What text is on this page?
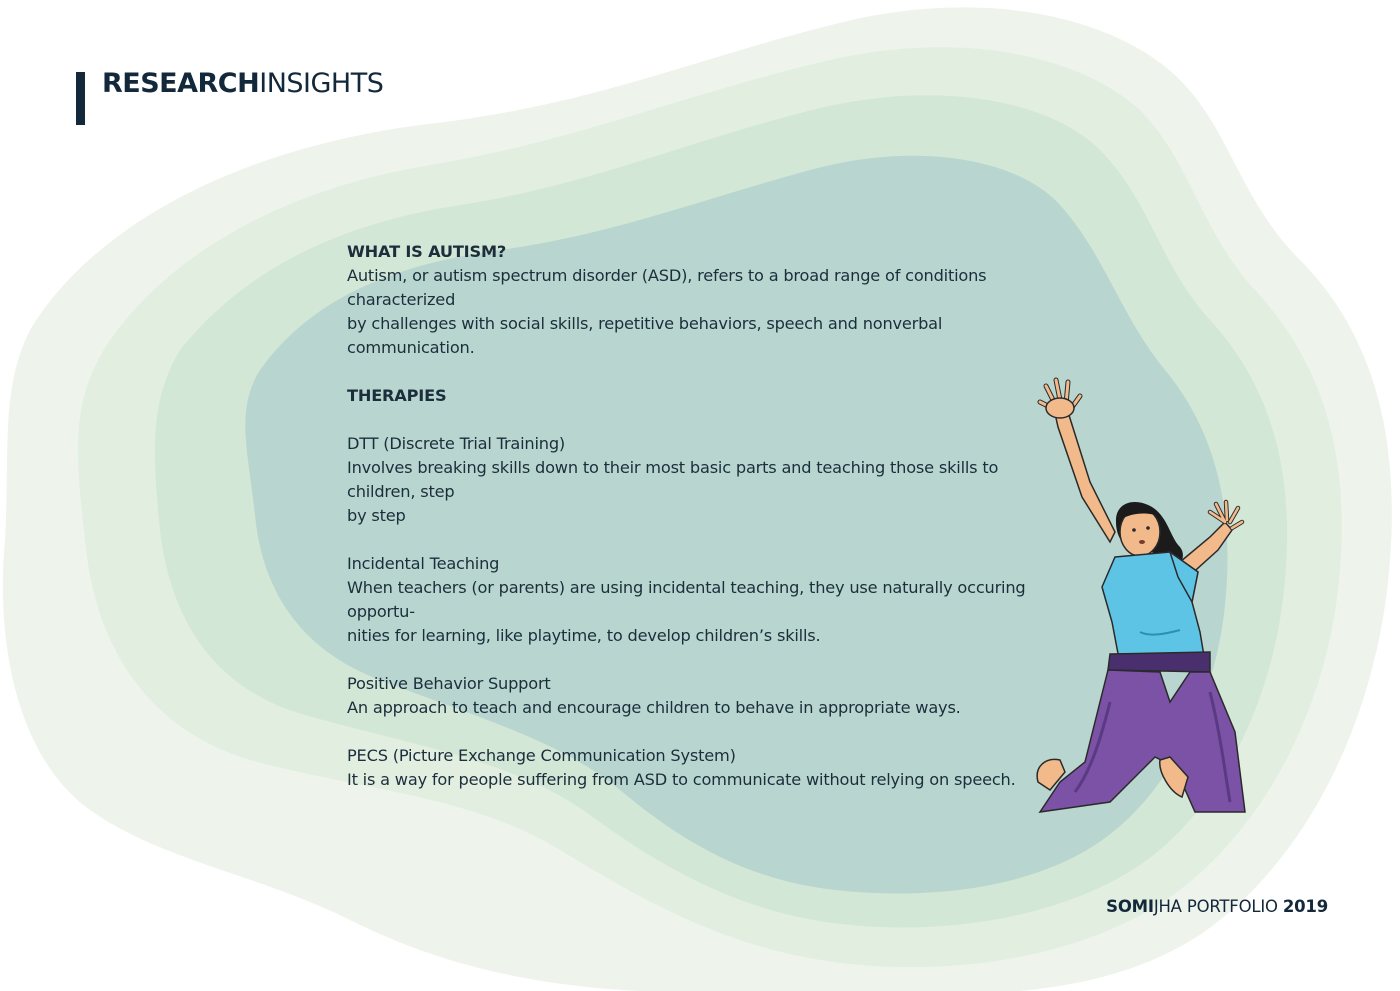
RESEARCHINSIGHTS

WHAT IS AUTISM?

Autism, or autism spectrum disorder (ASD), refers to a broad range of conditions characterized

by challenges with social skills, repetitive behaviors, speech and nonverbal communication.

THERAPIES

DTT (Discrete Trial Training)

Involves breaking skills down to their most basic parts and teaching those skills to children, step

by step

Incidental Teaching

When teachers (or parents) are using incidental teaching, they use naturally occuring opportu-

nities for learning, like playtime, to develop children’s skills.

Positive Behavior Support

An approach to teach and encourage children to behave in appropriate ways.

PECS (Picture Exchange Communication System)

It is a way for people suffering from ASD to communicate without relying on speech.

SOMIJHA PORTFOLIO 2019
